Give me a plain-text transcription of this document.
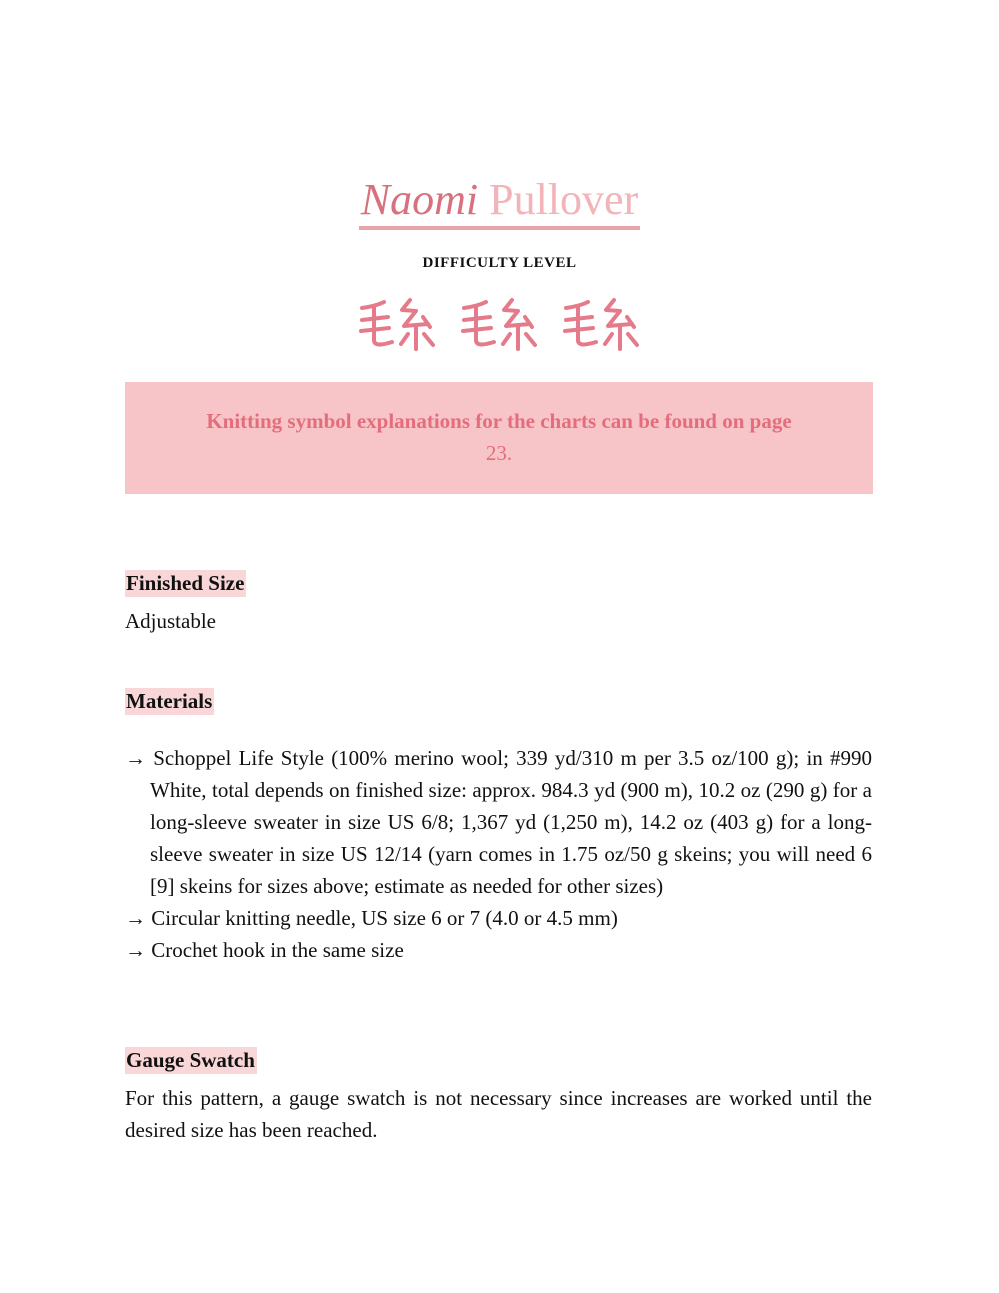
Naomi Pullover
DIFFICULTY LEVEL

Knitting symbol explanations for the charts can be found on page
23.
Finished Size

Adjustable

Materials
→ Schoppel Life Style (100% merino wool; 339 yd/310 m per 3.5 oz/100 g); in #990 White, total depends on finished size: approx. 984.3 yd (900 m), 10.2 oz (290 g) for a long-sleeve sweater in size US 6/8; 1,367 yd (1,250 m), 14.2 oz (403 g) for a long-sleeve sweater in size US 12/14 (yarn comes in 1.75 oz/50 g skeins; you will need 6 [9] skeins for sizes above; estimate as needed for other sizes)
→ Circular knitting needle, US size 6 or 7 (4.0 or 4.5 mm)
→ Crochet hook in the same size
Gauge Swatch

For this pattern, a gauge swatch is not necessary since increases are worked until the desired size has been reached.
